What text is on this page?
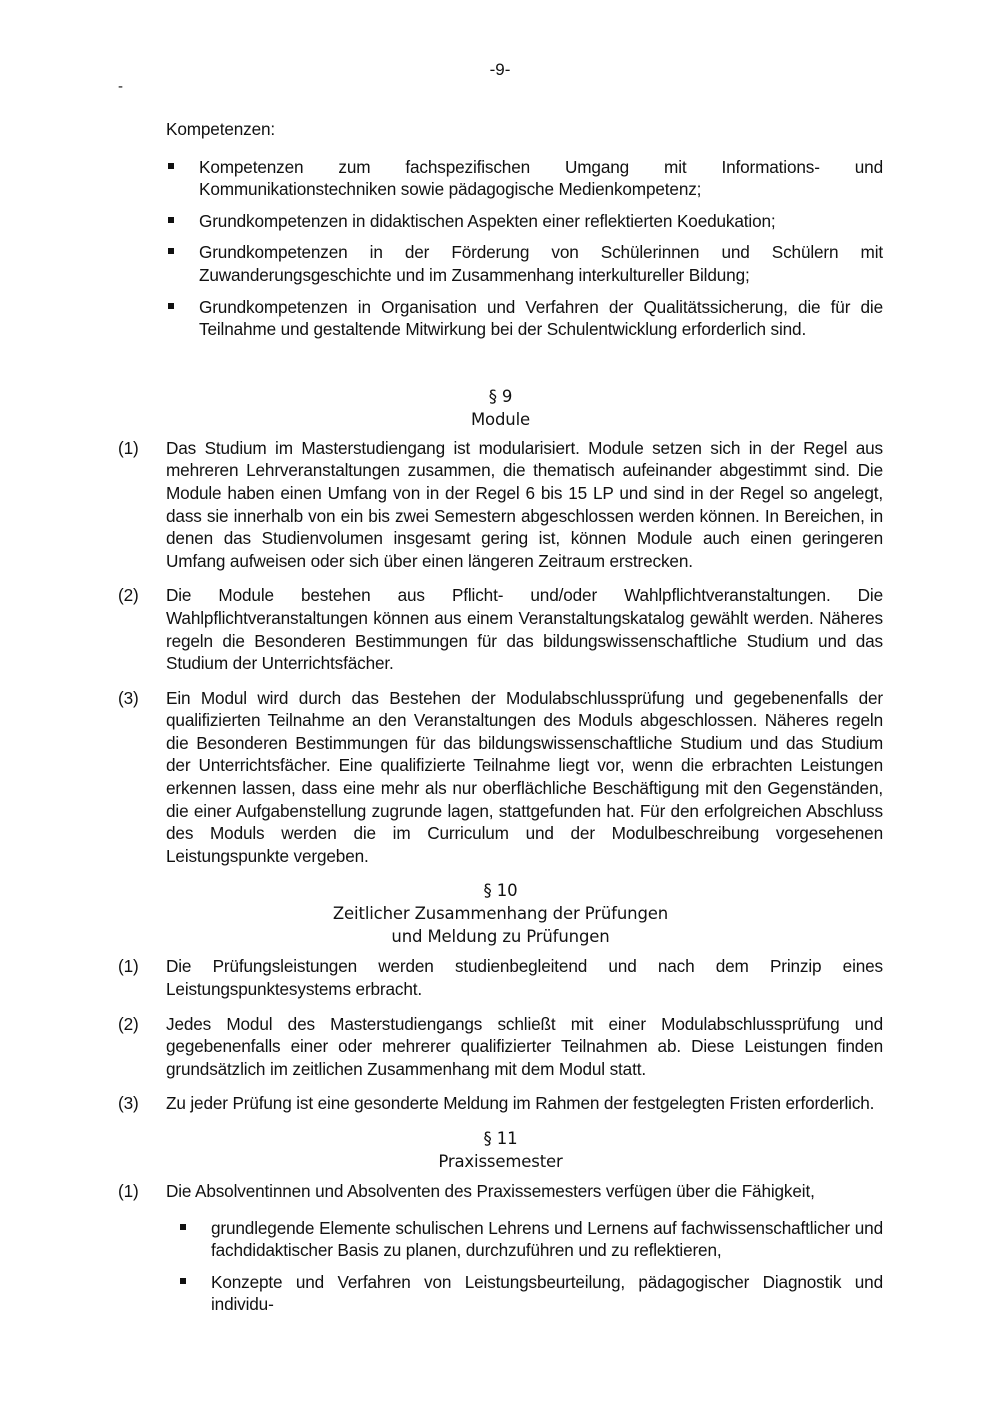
-9-
-
Kompetenzen:
Kompetenzen zum fachspezifischen Umgang mit Informations- und Kommunikationstechniken sowie pädagogische Medienkompetenz;
Grundkompetenzen in didaktischen Aspekten einer reflektierten Koedukation;
Grundkompetenzen in der Förderung von Schülerinnen und Schülern mit Zuwanderungsgeschichte und im Zusammenhang interkultureller Bildung;
Grundkompetenzen in Organisation und Verfahren der Qualitätssicherung, die für die Teilnahme und gestaltende Mitwirkung bei der Schulentwicklung erforderlich sind.
§ 9
Module
(1) Das Studium im Masterstudiengang ist modularisiert. Module setzen sich in der Regel aus mehreren Lehrveranstaltungen zusammen, die thematisch aufeinander abgestimmt sind. Die Module haben einen Umfang von in der Regel 6 bis 15 LP und sind in der Regel so angelegt, dass sie innerhalb von ein bis zwei Semestern abgeschlossen werden können. In Bereichen, in denen das Studienvolumen insgesamt gering ist, können Module auch einen geringeren Umfang aufweisen oder sich über einen längeren Zeitraum erstrecken.
(2) Die Module bestehen aus Pflicht- und/oder Wahlpflichtveranstaltungen. Die Wahlpflichtveranstaltungen können aus einem Veranstaltungskatalog gewählt werden. Näheres regeln die Besonderen Bestimmungen für das bildungswissenschaftliche Studium und das Studium der Unterrichtsfächer.
(3) Ein Modul wird durch das Bestehen der Modulabschlussprüfung und gegebenenfalls der qualifizierten Teilnahme an den Veranstaltungen des Moduls abgeschlossen. Näheres regeln die Besonderen Bestimmungen für das bildungswissenschaftliche Studium und das Studium der Unterrichtsfächer. Eine qualifizierte Teilnahme liegt vor, wenn die erbrachten Leistungen erkennen lassen, dass eine mehr als nur oberflächliche Beschäftigung mit den Gegenständen, die einer Aufgabenstellung zugrunde lagen, stattgefunden hat. Für den erfolgreichen Abschluss des Moduls werden die im Curriculum und der Modulbeschreibung vorgesehenen Leistungspunkte vergeben.
§ 10
Zeitlicher Zusammenhang der Prüfungen
und Meldung zu Prüfungen
(1) Die Prüfungsleistungen werden studienbegleitend und nach dem Prinzip eines Leistungspunktesystems erbracht.
(2) Jedes Modul des Masterstudiengangs schließt mit einer Modulabschlussprüfung und gegebenenfalls einer oder mehrerer qualifizierter Teilnahmen ab. Diese Leistungen finden grundsätzlich im zeitlichen Zusammenhang mit dem Modul statt.
(3) Zu jeder Prüfung ist eine gesonderte Meldung im Rahmen der festgelegten Fristen erforderlich.
§ 11
Praxissemester
(1) Die Absolventinnen und Absolventen des Praxissemesters verfügen über die Fähigkeit,
grundlegende Elemente schulischen Lehrens und Lernens auf fachwissenschaftlicher und fachdidaktischer Basis zu planen, durchzuführen und zu reflektieren,
Konzepte und Verfahren von Leistungsbeurteilung, pädagogischer Diagnostik und individu-
